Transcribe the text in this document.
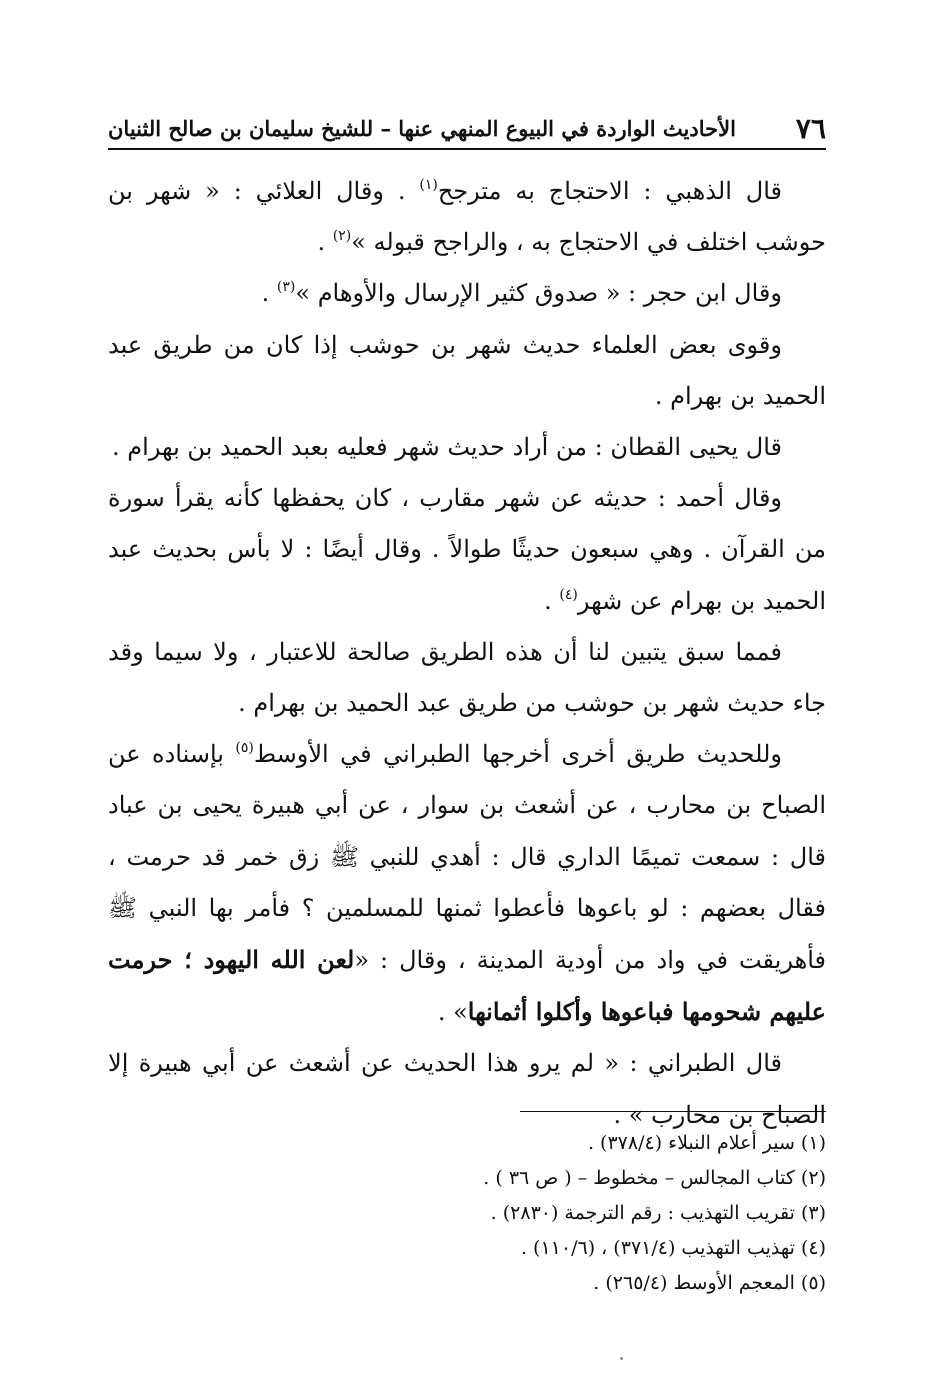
٧٦
الأحاديث الواردة في البيوع المنهي عنها – للشيخ سليمان بن صالح الثنيان

قال الذهبي : الاحتجاج به مترجح$^{(١)}$ . وقال العلائي : « شهر بن حوشب اختلف في الاحتجاج به ، والراجح قبوله »$^{(٢)}$ .

وقال ابن حجر : « صدوق كثير الإرسال والأوهام »$^{(٣)}$ .

وقوى بعض العلماء حديث شهر بن حوشب إذا كان من طريق عبد الحميد بن بهرام .

قال يحيى القطان : من أراد حديث شهر فعليه بعبد الحميد بن بهرام .

وقال أحمد : حديثه عن شهر مقارب ، كان يحفظها كأنه يقرأ سورة من القرآن . وهي سبعون حديثًا طوالاً . وقال أيضًا : لا بأس بحديث عبد الحميد بن بهرام عن شهر$^{(٤)}$ .

فمما سبق يتبين لنا أن هذه الطريق صالحة للاعتبار ، ولا سيما وقد جاء حديث شهر بن حوشب من طريق عبد الحميد بن بهرام .

وللحديث طريق أخرى أخرجها الطبراني في الأوسط$^{(٥)}$ بإسناده عن الصباح بن محارب ، عن أشعث بن سوار ، عن أبي هبيرة يحيى بن عباد قال : سمعت تميمًا الداري قال : أهدي للنبي ﷺ زق خمر قد حرمت ، فقال بعضهم : لو باعوها فأعطوا ثمنها للمسلمين ؟ فأمر بها النبي ﷺ فأهريقت في واد من أودية المدينة ، وقال : «لعن الله اليهود ؛ حرمت عليهم شحومها فباعوها وأكلوا أثمانها» .

قال الطبراني : « لم يرو هذا الحديث عن أشعث عن أبي هبيرة إلا الصباح بن محارب » .

(١) سير أعلام النبلاء (٣٧٨/٤) .
(٢) كتاب المجالس – مخطوط – ( ص ٣٦ ) .
(٣) تقريب التهذيب : رقم الترجمة (٢٨٣٠) .
(٤) تهذيب التهذيب (٣٧١/٤) ، (١١٠/٦) .
(٥) المعجم الأوسط (٢٦٥/٤) .
